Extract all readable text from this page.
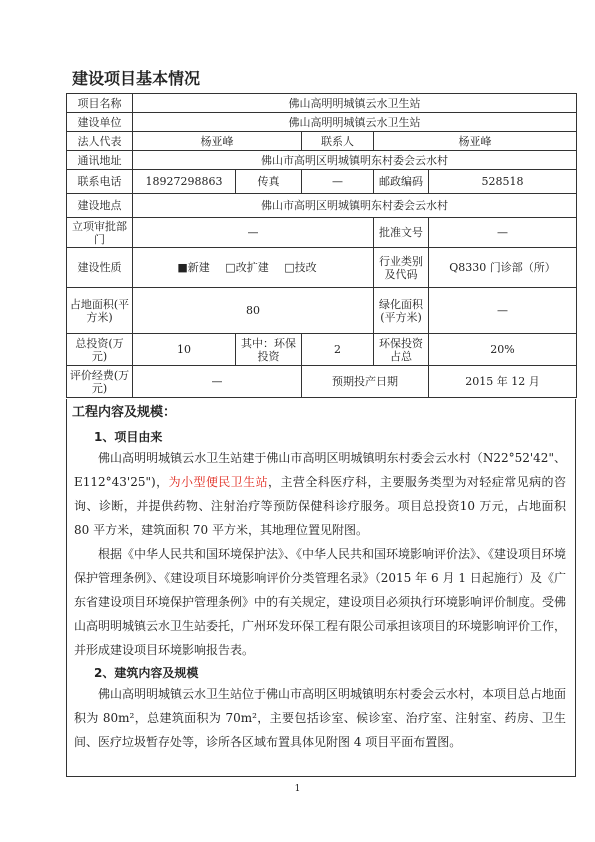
建设项目基本情况
项目名称	佛山高明明城镇云水卫生站				
建设单位	佛山高明明城镇云水卫生站				
法人代表	杨亚峰		联系人	杨亚峰	
通讯地址	佛山市高明区明城镇明东村委会云水村				
联系电话	18927298863	传真	—	邮政编码	528518
建设地点	佛山市高明区明城镇明东村委会云水村				
立项审批部门	—			批准文号	—
建设性质	■新建 □改扩建 □技改			行业类别及代码	Q8330 门诊部（所）
占地面积(平方米)	80			绿化面积(平方米)	—
总投资(万元)	10	其中：环保投资	2	环保投资占总	20%
评价经费(万元)	—		预期投产日期		2015 年 12 月
工程内容及规模：
1、项目由来

佛山高明明城镇云水卫生站建于佛山市高明区明城镇明东村委会云水村（N22°52'42"、E112°43'25")，为小型便民卫生站，主营全科医疗科，主要服务类型为对轻症常见病的咨询、诊断，并提供药物、注射治疗等预防保健科诊疗服务。项目总投资10 万元，占地面积 80 平方米，建筑面积 70 平方米，其地理位置见附图。

根据《中华人民共和国环境保护法》、《中华人民共和国环境影响评价法》、《建设项目环境保护管理条例》、《建设项目环境影响评价分类管理名录》（2015 年 6 月 1 日起施行）及《广东省建设项目环境保护管理条例》中的有关规定，建设项目必须执行环境影响评价制度。受佛山高明明城镇云水卫生站委托，广州环发环保工程有限公司承担该项目的环境影响评价工作，并形成建设项目环境影响报告表。

2、建筑内容及规模

佛山高明明城镇云水卫生站位于佛山市高明区明城镇明东村委会云水村，本项目总占地面积为 80m²，总建筑面积为 70m²，主要包括诊室、候诊室、治疗室、注射室、药房、卫生间、医疗垃圾暂存处等，诊所各区域布置具体见附图 4 项目平面布置图。

1
